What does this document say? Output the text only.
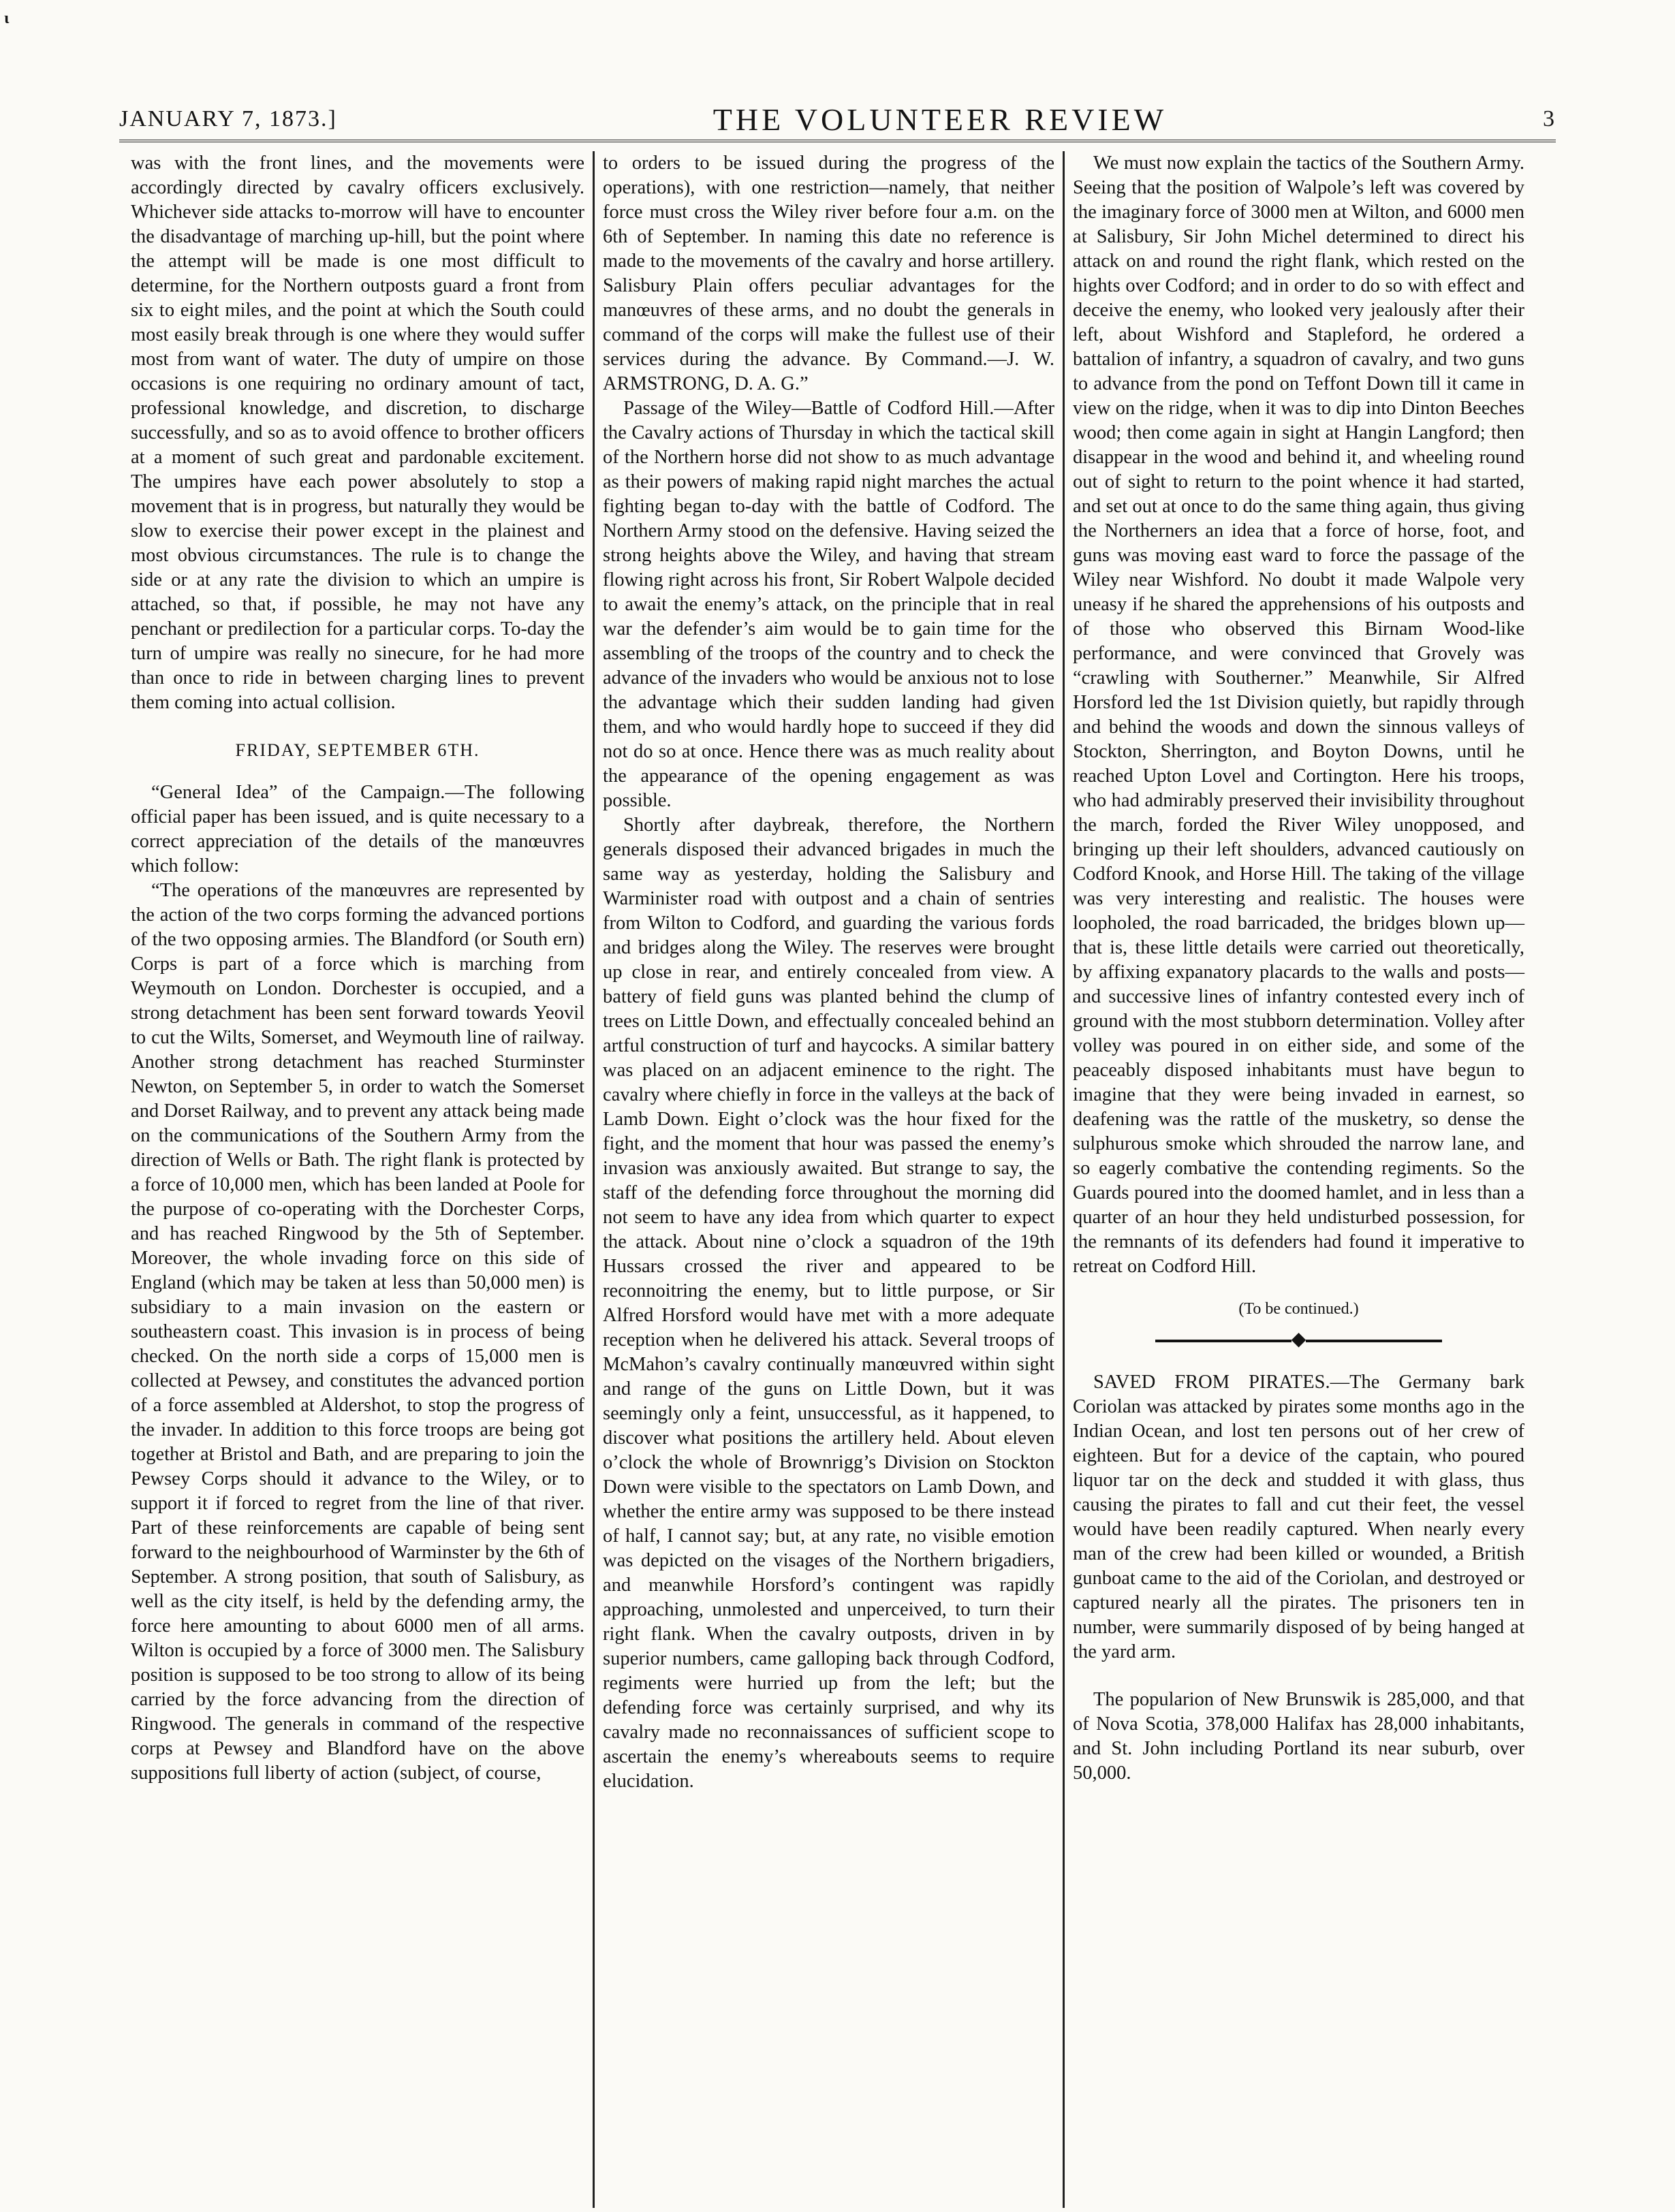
ι
JANUARY 7, 1873.]	THE VOLUNTEER REVIEW	3

was with the front lines, and the movements were accordingly directed by cavalry officers exclusively. Whichever side attacks to-morrow will have to encounter the disadvantage of marching up-hill, but the point where the attempt will be made is one most difficult to determine, for the Northern outposts guard a front from six to eight miles, and the point at which the South could most easily break through is one where they would suffer most from want of water. The duty of umpire on those occasions is one requiring no ordinary amount of tact, professional knowledge, and discretion, to discharge successfully, and so as to avoid offence to brother officers at a moment of such great and pardonable excitement. The umpires have each power absolutely to stop a movement that is in progress, but naturally they would be slow to exercise their power except in the plainest and most obvious circumstances. The rule is to change the side or at any rate the division to which an umpire is attached, so that, if possible, he may not have any penchant or predilection for a particular corps. To-day the turn of umpire was really no sinecure, for he had more than once to ride in between charging lines to prevent them coming into actual collision.

FRIDAY, SEPTEMBER 6TH.

“General Idea” of the Campaign.—The following official paper has been issued, and is quite necessary to a correct appreciation of the details of the manœuvres which follow:

“The operations of the manœuvres are represented by the action of the two corps forming the advanced portions of the two opposing armies. The Blandford (or South ern) Corps is part of a force which is marching from Weymouth on London. Dorchester is occupied, and a strong detachment has been sent forward towards Yeovil to cut the Wilts, Somerset, and Weymouth line of railway. Another strong detachment has reached Sturminster Newton, on September 5, in order to watch the Somerset and Dorset Railway, and to prevent any attack being made on the communications of the Southern Army from the direction of Wells or Bath. The right flank is protected by a force of 10,000 men, which has been landed at Poole for the purpose of co-operating with the Dorchester Corps, and has reached Ringwood by the 5th of September. Moreover, the whole invading force on this side of England (which may be taken at less than 50,000 men) is subsidiary to a main invasion on the eastern or southeastern coast. This invasion is in process of being checked. On the north side a corps of 15,000 men is collected at Pewsey, and constitutes the advanced portion of a force assembled at Aldershot, to stop the progress of the invader. In addition to this force troops are being got together at Bristol and Bath, and are preparing to join the Pewsey Corps should it advance to the Wiley, or to support it if forced to regret from the line of that river. Part of these reinforcements are capable of being sent forward to the neighbourhood of Warminster by the 6th of September. A strong position, that south of Salisbury, as well as the city itself, is held by the defending army, the force here amounting to about 6000 men of all arms. Wilton is occupied by a force of 3000 men. The Salisbury position is supposed to be too strong to allow of its being carried by the force advancing from the direction of Ringwood. The generals in command of the respective corps at Pewsey and Blandford have on the above suppositions full liberty of action (subject, of course,

to orders to be issued during the progress of the operations), with one restriction—namely, that neither force must cross the Wiley river before four a.m. on the 6th of September. In naming this date no reference is made to the movements of the cavalry and horse artillery. Salisbury Plain offers peculiar advantages for the manœuvres of these arms, and no doubt the generals in command of the corps will make the fullest use of their services during the advance. By Command.—J. W. ARMSTRONG, D. A. G.”

Passage of the Wiley—Battle of Codford Hill.—After the Cavalry actions of Thursday in which the tactical skill of the Northern horse did not show to as much advantage as their powers of making rapid night marches the actual fighting began to-day with the battle of Codford. The Northern Army stood on the defensive. Having seized the strong heights above the Wiley, and having that stream flowing right across his front, Sir Robert Walpole decided to await the enemy’s attack, on the principle that in real war the defender’s aim would be to gain time for the assembling of the troops of the country and to check the advance of the invaders who would be anxious not to lose the advantage which their sudden landing had given them, and who would hardly hope to succeed if they did not do so at once. Hence there was as much reality about the appearance of the opening engagement as was possible.

Shortly after daybreak, therefore, the Northern generals disposed their advanced brigades in much the same way as yesterday, holding the Salisbury and Warminister road with outpost and a chain of sentries from Wilton to Codford, and guarding the various fords and bridges along the Wiley. The reserves were brought up close in rear, and entirely concealed from view. A battery of field guns was planted behind the clump of trees on Little Down, and effectually concealed behind an artful construction of turf and haycocks. A similar battery was placed on an adjacent eminence to the right. The cavalry where chiefly in force in the valleys at the back of Lamb Down. Eight o’clock was the hour fixed for the fight, and the moment that hour was passed the enemy’s invasion was anxiously awaited. But strange to say, the staff of the defending force throughout the morning did not seem to have any idea from which quarter to expect the attack. About nine o’clock a squadron of the 19th Hussars crossed the river and appeared to be reconnoitring the enemy, but to little purpose, or Sir Alfred Horsford would have met with a more adequate reception when he delivered his attack. Several troops of McMahon’s cavalry continually manœuvred within sight and range of the guns on Little Down, but it was seemingly only a feint, unsuccessful, as it happened, to discover what positions the artillery held. About eleven o’clock the whole of Brownrigg’s Division on Stockton Down were visible to the spectators on Lamb Down, and whether the entire army was supposed to be there instead of half, I cannot say; but, at any rate, no visible emotion was depicted on the visages of the Northern brigadiers, and meanwhile Horsford’s contingent was rapidly approaching, unmolested and unperceived, to turn their right flank. When the cavalry outposts, driven in by superior numbers, came galloping back through Codford, regiments were hurried up from the left; but the defending force was certainly surprised, and why its cavalry made no reconnaissances of sufficient scope to ascertain the enemy’s whereabouts seems to require elucidation.

We must now explain the tactics of the Southern Army. Seeing that the position of Walpole’s left was covered by the imaginary force of 3000 men at Wilton, and 6000 men at Salisbury, Sir John Michel determined to direct his attack on and round the right flank, which rested on the hights over Codford; and in order to do so with effect and deceive the enemy, who looked very jealously after their left, about Wishford and Stapleford, he ordered a battalion of infantry, a squadron of cavalry, and two guns to advance from the pond on Teffont Down till it came in view on the ridge, when it was to dip into Dinton Beeches wood; then come again in sight at Hangin Langford; then disappear in the wood and behind it, and wheeling round out of sight to return to the point whence it had started, and set out at once to do the same thing again, thus giving the Northerners an idea that a force of horse, foot, and guns was moving east ward to force the passage of the Wiley near Wishford. No doubt it made Walpole very uneasy if he shared the apprehensions of his outposts and of those who observed this Birnam Wood-like performance, and were convinced that Grovely was “crawling with Southerner.” Meanwhile, Sir Alfred Horsford led the 1st Division quietly, but rapidly through and behind the woods and down the sinnous valleys of Stockton, Sherrington, and Boyton Downs, until he reached Upton Lovel and Cortington. Here his troops, who had admirably preserved their invisibility throughout the march, forded the River Wiley unopposed, and bringing up their left shoulders, advanced cautiously on Codford Knook, and Horse Hill. The taking of the village was very interesting and realistic. The houses were loopholed, the road barricaded, the bridges blown up—that is, these little details were carried out theoretically, by affixing expanatory placards to the walls and posts—and successive lines of infantry contested every inch of ground with the most stubborn determination. Volley after volley was poured in on either side, and some of the peaceably disposed inhabitants must have begun to imagine that they were being invaded in earnest, so deafening was the rattle of the musketry, so dense the sulphurous smoke which shrouded the narrow lane, and so eagerly combative the contending regiments. So the Guards poured into the doomed hamlet, and in less than a quarter of an hour they held undisturbed possession, for the remnants of its defenders had found it imperative to retreat on Codford Hill.

(To be continued.)

◆

SAVED FROM PIRATES.—The Germany bark Coriolan was attacked by pirates some months ago in the Indian Ocean, and lost ten persons out of her crew of eighteen. But for a device of the captain, who poured liquor tar on the deck and studded it with glass, thus causing the pirates to fall and cut their feet, the vessel would have been readily captured. When nearly every man of the crew had been killed or wounded, a British gunboat came to the aid of the Coriolan, and destroyed or captured nearly all the pirates. The prisoners ten in number, were summarily disposed of by being hanged at the yard arm.

The popularion of New Brunswik is 285,000, and that of Nova Scotia, 378,000 Halifax has 28,000 inhabitants, and St. John including Portland its near suburb, over 50,000.
